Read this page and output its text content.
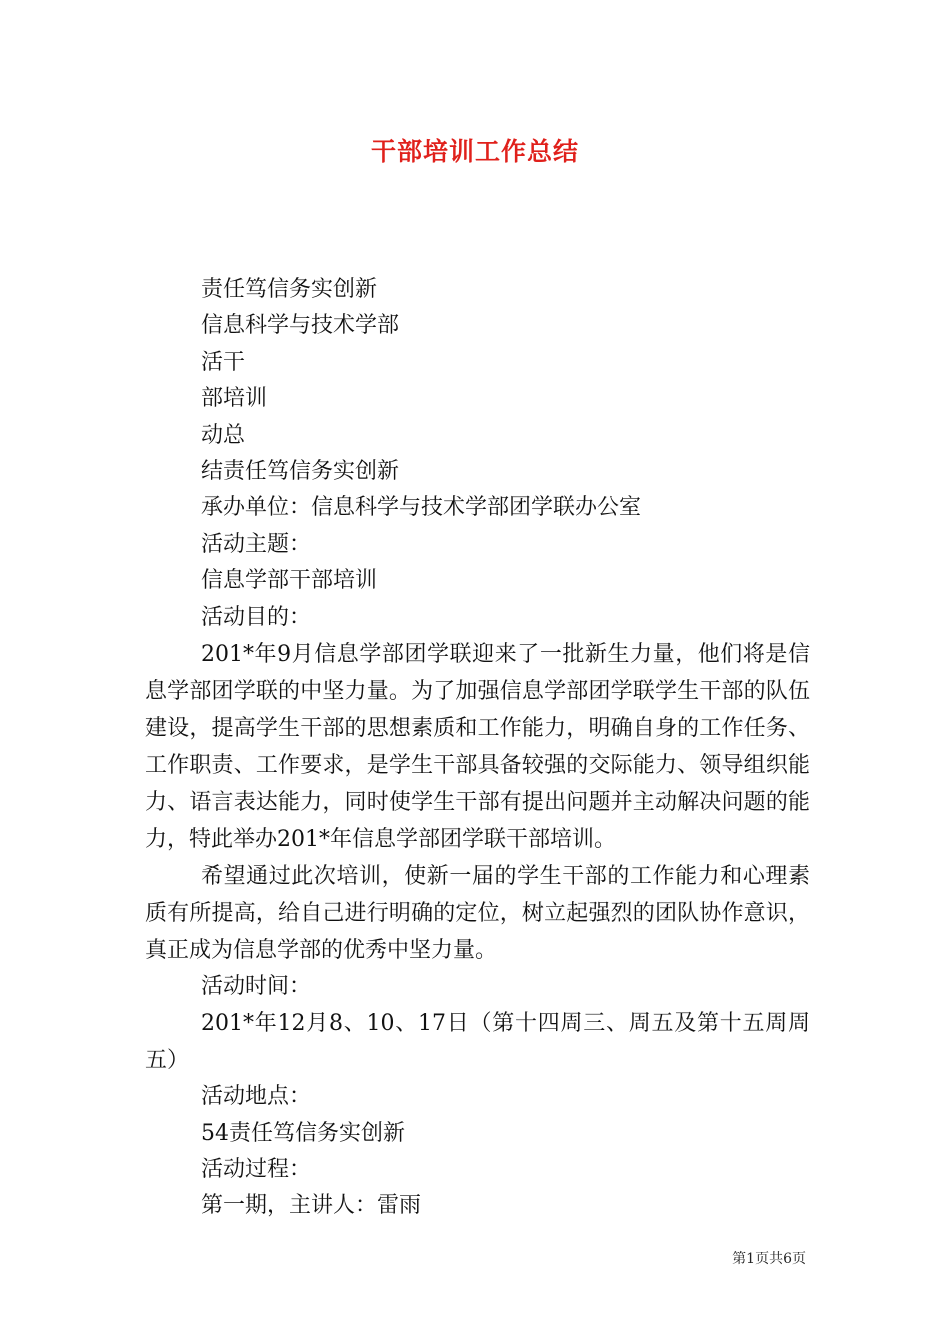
干部培训工作总结
责任笃信务实创新
信息科学与技术学部
活干
部培训
动总
结责任笃信务实创新
承办单位：信息科学与技术学部团学联办公室
活动主题：
信息学部干部培训
活动目的：
201*年9月信息学部团学联迎来了一批新生力量，他们将是信息学部团学联的中坚力量。为了加强信息学部团学联学生干部的队伍建设，提高学生干部的思想素质和工作能力，明确自身的工作任务、工作职责、工作要求，是学生干部具备较强的交际能力、领导组织能力、语言表达能力，同时使学生干部有提出问题并主动解决问题的能力，特此举办201*年信息学部团学联干部培训。
希望通过此次培训，使新一届的学生干部的工作能力和心理素质有所提高，给自己进行明确的定位，树立起强烈的团队协作意识，真正成为信息学部的优秀中坚力量。
活动时间：
201*年12月8、10、17日（第十四周三、周五及第十五周周五）
活动地点：
54责任笃信务实创新
活动过程：
第一期，主讲人：雷雨
第1页共6页
